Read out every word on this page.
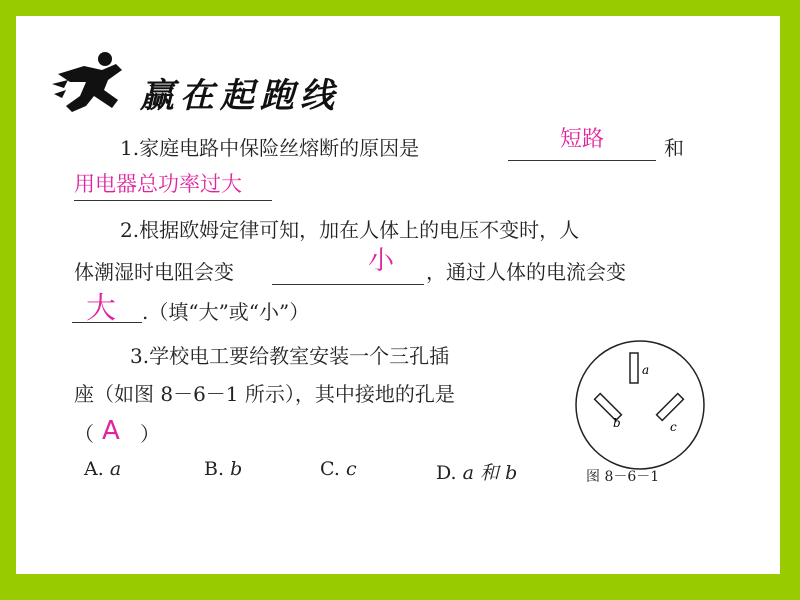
赢在起跑线
1.家庭电路中保险丝熔断的原因是	短路	和
用电器总功率过大
2.根据欧姆定律可知，加在人体上的电压不变时，人
体潮湿时电阻会变	小 ，通过人体的电流会变
大 .（填“大”或“小”）
3.学校电工要给教室安装一个三孔插
座（如图 8－6－1 所示），其中接地的孔是
（ A ）
A. a	B. b	C. c	D. a 和 b
a
b	c
图 8－6－1
